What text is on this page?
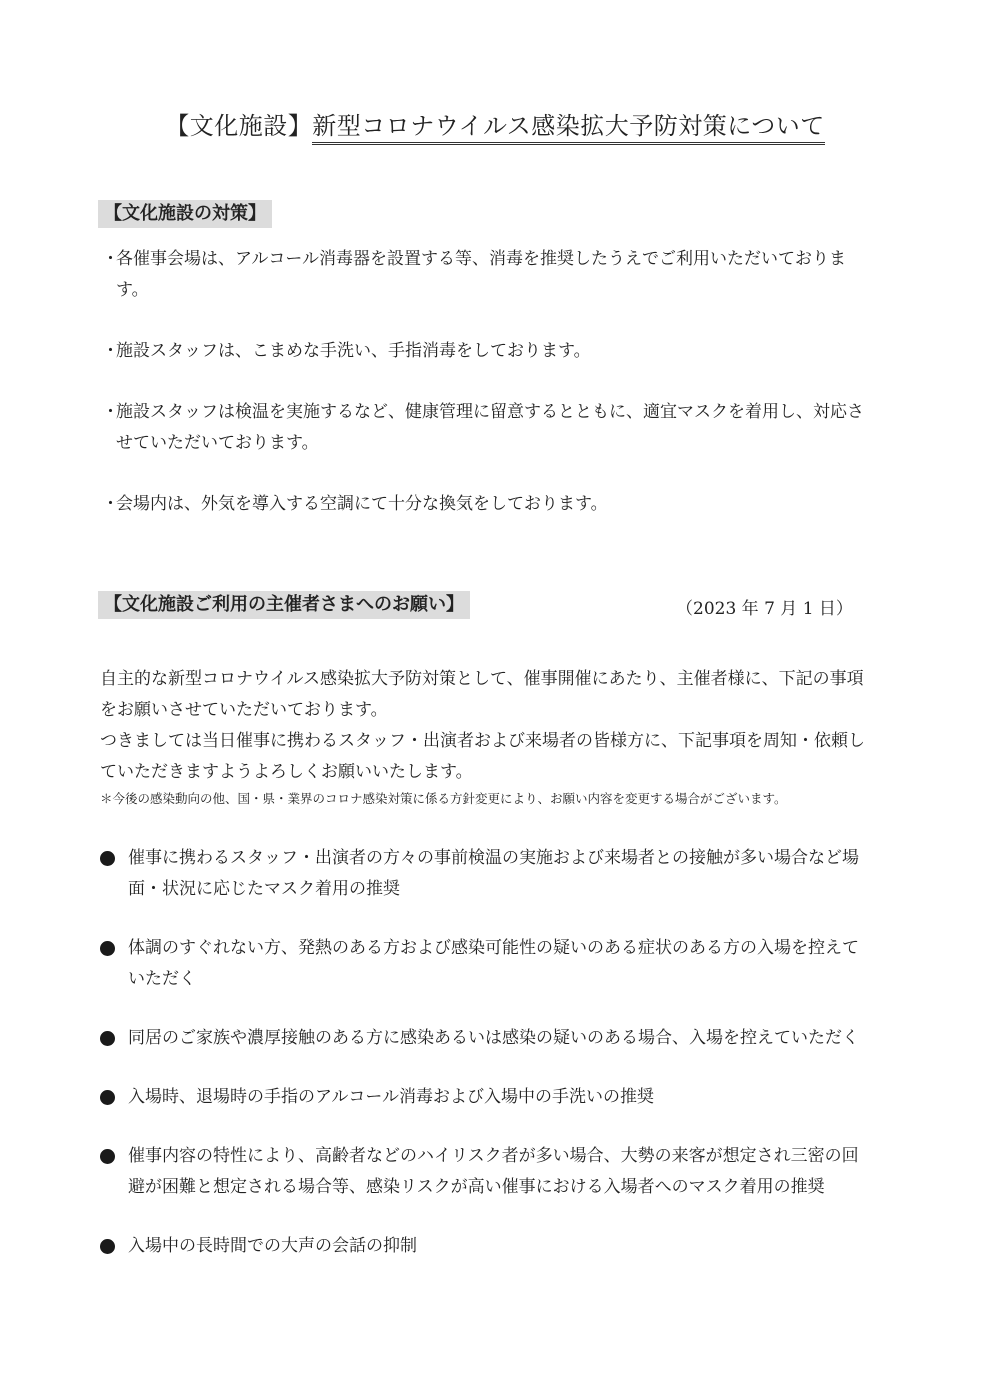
【文化施設】新型コロナウイルス感染拡大予防対策について
【文化施設の対策】
・
各催事会場は、アルコール消毒器を設置する等、消毒を推奨したうえでご利用いただいております。
・
施設スタッフは、こまめな手洗い、手指消毒をしております。
・
施設スタッフは検温を実施するなど、健康管理に留意するとともに、適宜マスクを着用し、対応させていただいております。
・
会場内は、外気を導入する空調にて十分な換気をしております。
【文化施設ご利用の主催者さまへのお願い】	（2023 年 7 月 1 日）

自主的な新型コロナウイルス感染拡大予防対策として、催事開催にあたり、主催者様に、下記の事項をお願いさせていただいております。

つきましては当日催事に携わるスタッフ・出演者および来場者の皆様方に、下記事項を周知・依頼していただきますようよろしくお願いいたします。

＊今後の感染動向の他、国・県・業界のコロナ感染対策に係る方針変更により、お願い内容を変更する場合がございます。
催事に携わるスタッフ・出演者の方々の事前検温の実施および来場者との接触が多い場合など場面・状況に応じたマスク着用の推奨
体調のすぐれない方、発熱のある方および感染可能性の疑いのある症状のある方の入場を控えていただく
同居のご家族や濃厚接触のある方に感染あるいは感染の疑いのある場合、入場を控えていただく
入場時、退場時の手指のアルコール消毒および入場中の手洗いの推奨
催事内容の特性により、高齢者などのハイリスク者が多い場合、大勢の来客が想定され三密の回避が困難と想定される場合等、感染リスクが高い催事における入場者へのマスク着用の推奨
入場中の長時間での大声の会話の抑制
